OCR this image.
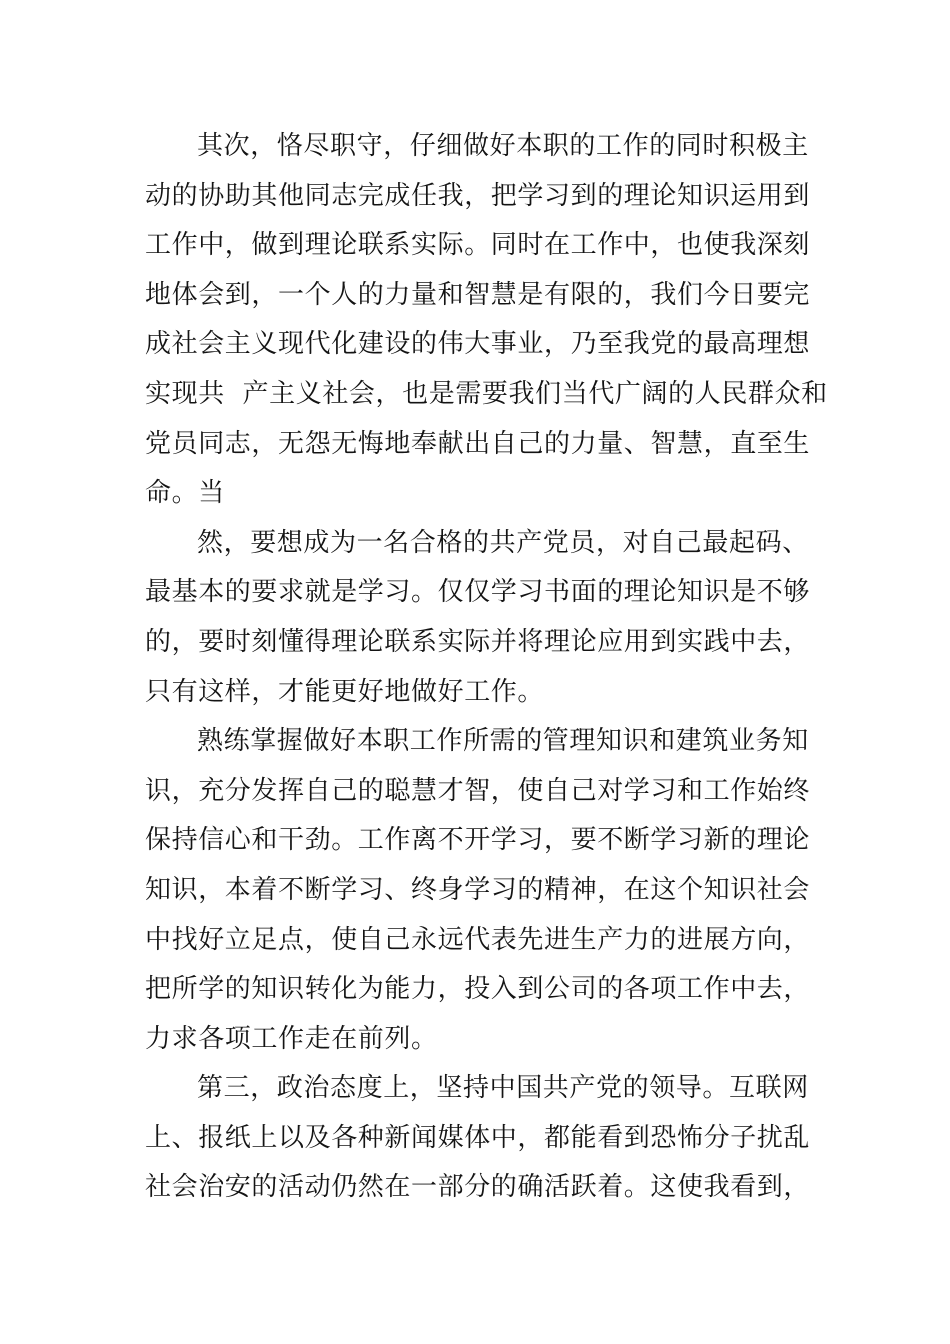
其次，恪尽职守，仔细做好本职的工作的同时积极主
动的协助其他同志完成任我，把学习到的理论知识运用到
工作中，做到理论联系实际。同时在工作中，也使我深刻
地体会到，一个人的力量和智慧是有限的，我们今日要完
成社会主义现代化建设的伟大事业，乃至我党的最高理想
实现共  产主义社会，也是需要我们当代广阔的人民群众和
党员同志，无怨无悔地奉献出自己的力量、智慧，直至生
命。当
然，要想成为一名合格的共产党员，对自己最起码、
最基本的要求就是学习。仅仅学习书面的理论知识是不够
的，要时刻懂得理论联系实际并将理论应用到实践中去，
只有这样，才能更好地做好工作。
熟练掌握做好本职工作所需的管理知识和建筑业务知
识，充分发挥自己的聪慧才智，使自己对学习和工作始终
保持信心和干劲。工作离不开学习，要不断学习新的理论
知识，本着不断学习、终身学习的精神，在这个知识社会
中找好立足点，使自己永远代表先进生产力的进展方向，
把所学的知识转化为能力，投入到公司的各项工作中去，
力求各项工作走在前列。
第三，政治态度上，坚持中国共产党的领导。互联网
上、报纸上以及各种新闻媒体中，都能看到恐怖分子扰乱
社会治安的活动仍然在一部分的确活跃着。这使我看到，
